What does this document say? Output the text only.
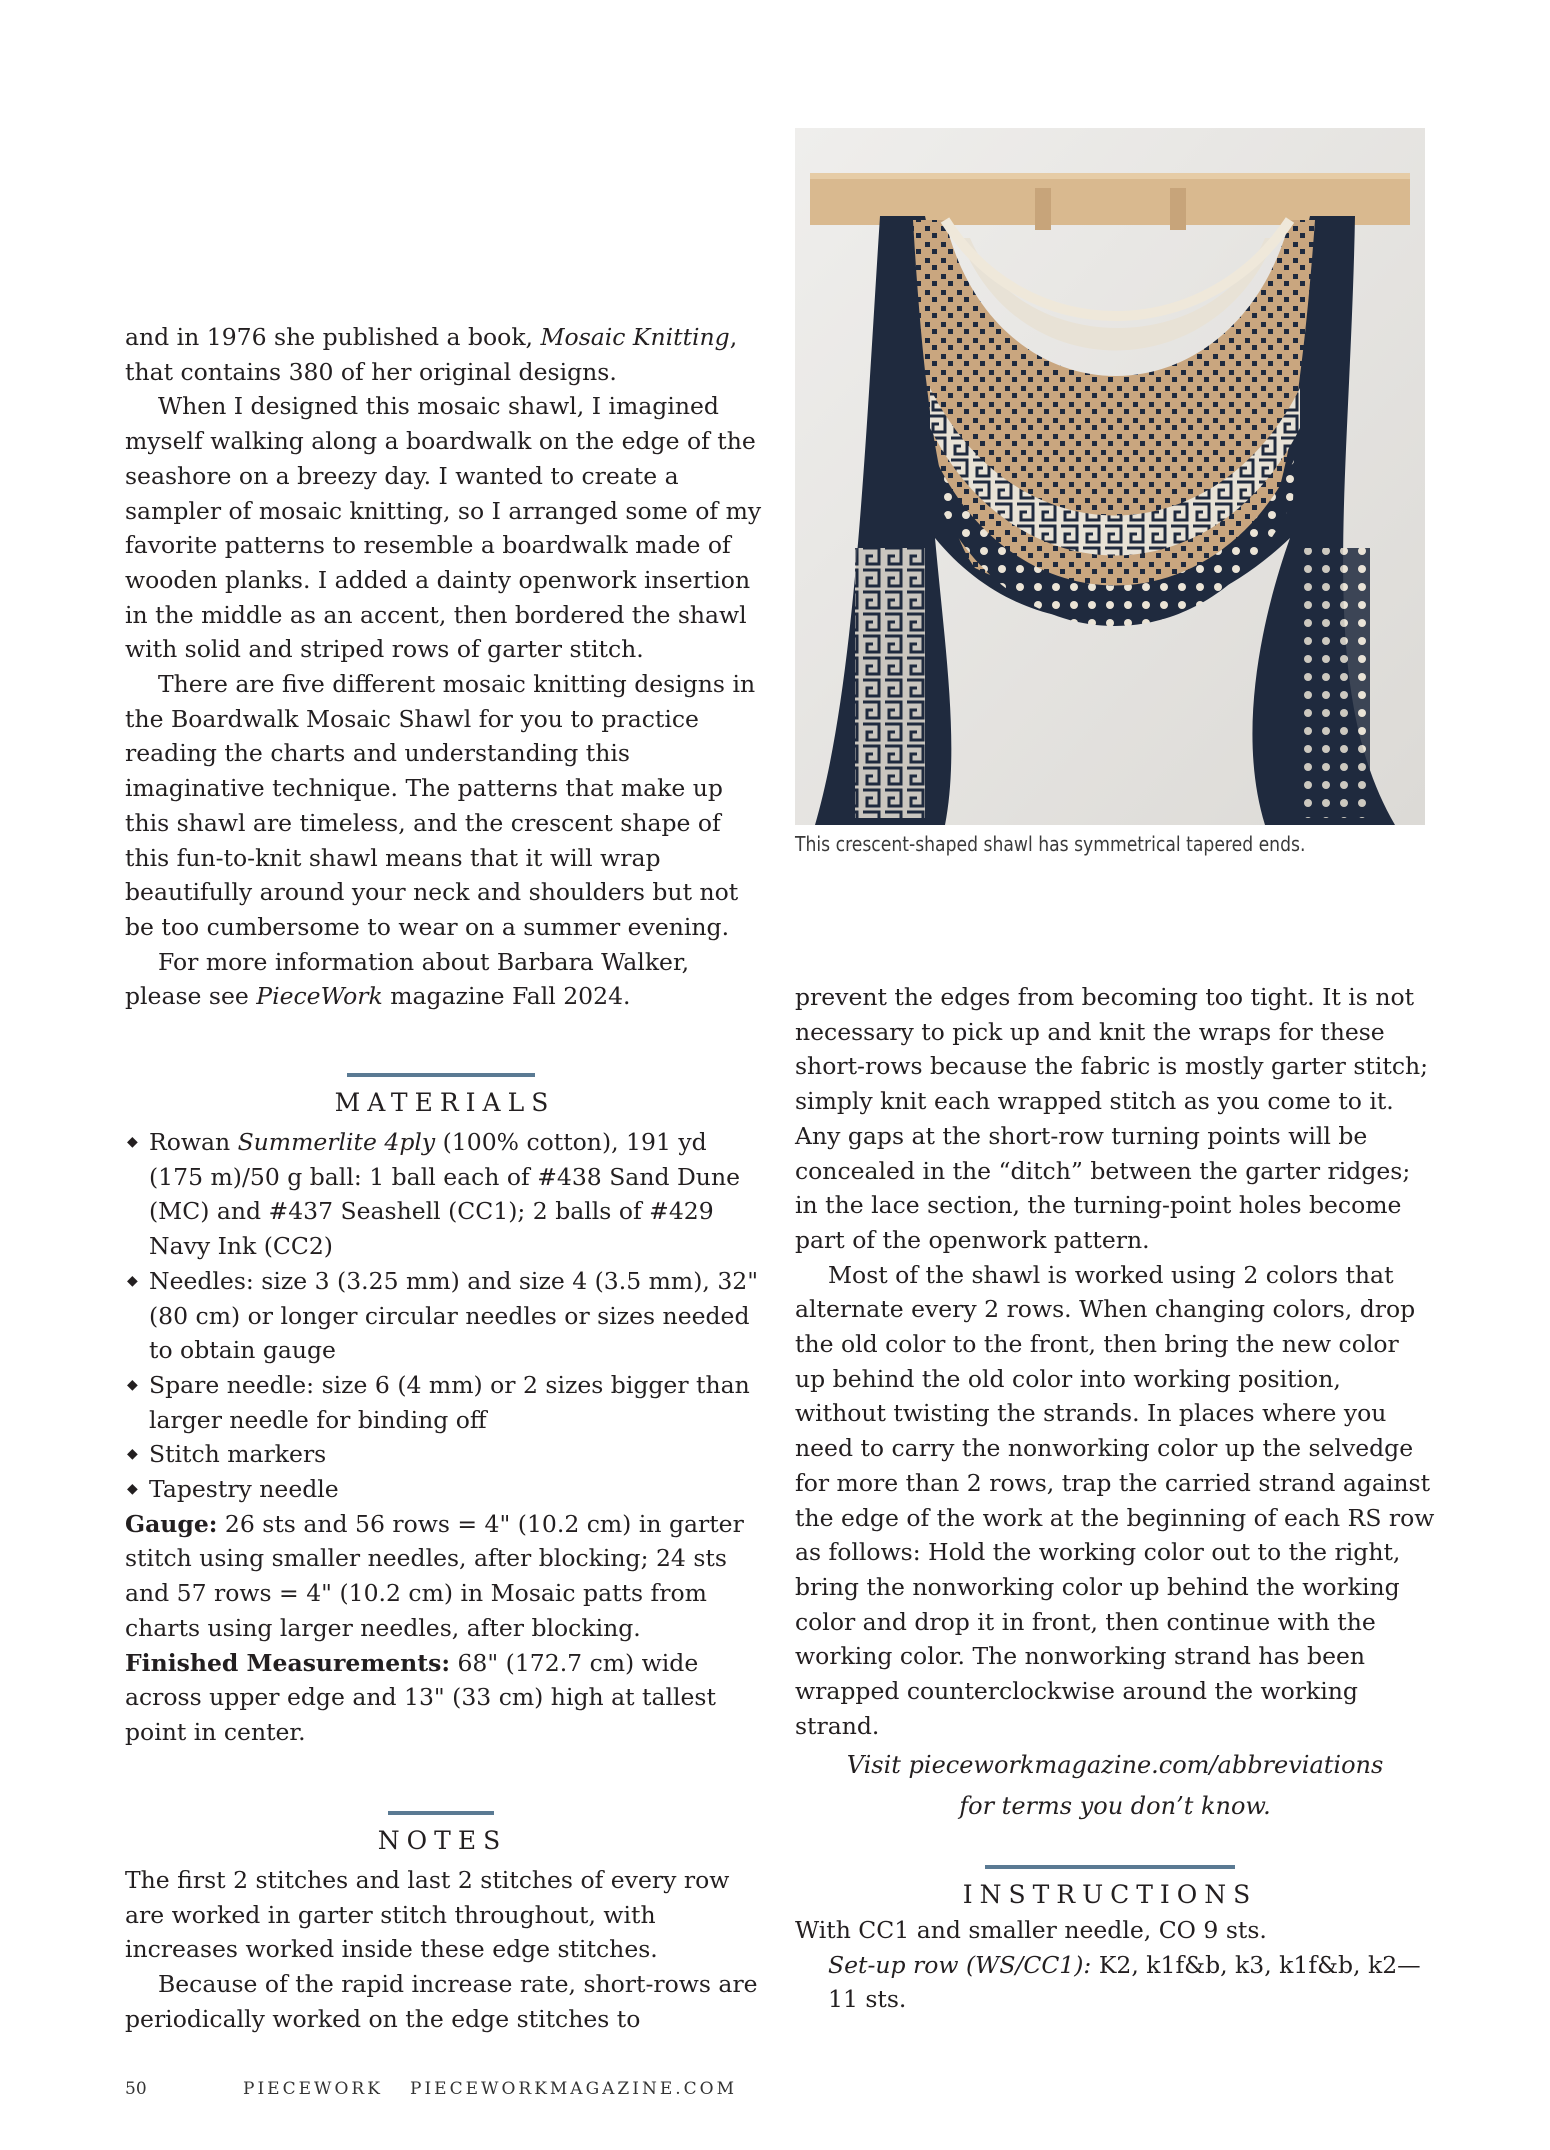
and in 1976 she published a book, Mosaic Knitting, that contains 380 of her original designs.

When I designed this mosaic shawl, I imagined myself walking along a boardwalk on the edge of the seashore on a breezy day. I wanted to create a sampler of mosaic knitting, so I arranged some of my favorite patterns to resemble a boardwalk made of wooden planks. I added a dainty openwork insertion in the middle as an accent, then bordered the shawl with solid and striped rows of garter stitch.

There are five different mosaic knitting designs in the Boardwalk Mosaic Shawl for you to practice reading the charts and understanding this imaginative technique. The patterns that make up this shawl are timeless, and the crescent shape of this fun-to-knit shawl means that it will wrap beautifully around your neck and shoulders but not be too cumbersome to wear on a summer evening.

For more information about Barbara Walker, please see PieceWork magazine Fall 2024.

MATERIALS
◆ Rowan Summerlite 4ply (100% cotton), 191 yd (175 m)/50 g ball: 1 ball each of #438 Sand Dune (MC) and #437 Seashell (CC1); 2 balls of #429 Navy Ink (CC2)
◆ Needles: size 3 (3.25 mm) and size 4 (3.5 mm), 32" (80 cm) or longer circular needles or sizes needed to obtain gauge
◆ Spare needle: size 6 (4 mm) or 2 sizes bigger than larger needle for binding off
◆ Stitch markers
◆ Tapestry needle

Gauge: 26 sts and 56 rows = 4" (10.2 cm) in garter stitch using smaller needles, after blocking; 24 sts and 57 rows = 4" (10.2 cm) in Mosaic patts from charts using larger needles, after blocking.

Finished Measurements: 68" (172.7 cm) wide across upper edge and 13" (33 cm) high at tallest point in center.

NOTES

The first 2 stitches and last 2 stitches of every row are worked in garter stitch throughout, with increases worked inside these edge stitches.

Because of the rapid increase rate, short-rows are periodically worked on the edge stitches to

This crescent-shaped shawl has symmetrical tapered ends.

prevent the edges from becoming too tight. It is not necessary to pick up and knit the wraps for these short-rows because the fabric is mostly garter stitch; simply knit each wrapped stitch as you come to it. Any gaps at the short-row turning points will be concealed in the “ditch” between the garter ridges; in the lace section, the turning-point holes become part of the openwork pattern.

Most of the shawl is worked using 2 colors that alternate every 2 rows. When changing colors, drop the old color to the front, then bring the new color up behind the old color into working position, without twisting the strands. In places where you need to carry the nonworking color up the selvedge for more than 2 rows, trap the carried strand against the edge of the work at the beginning of each RS row as follows: Hold the working color out to the right, bring the nonworking color up behind the working color and drop it in front, then continue with the working color. The nonworking strand has been wrapped counterclockwise around the working strand.

Visit pieceworkmagazine.com/abbreviations
for terms you don’t know.
INSTRUCTIONS

With CC1 and smaller needle, CO 9 sts.

Set-up row (WS/CC1): K2, k1f&b, k3, k1f&b, k2— 11 sts.

50	PIECEWORK PIECEWORKMAGAZINE.COM
